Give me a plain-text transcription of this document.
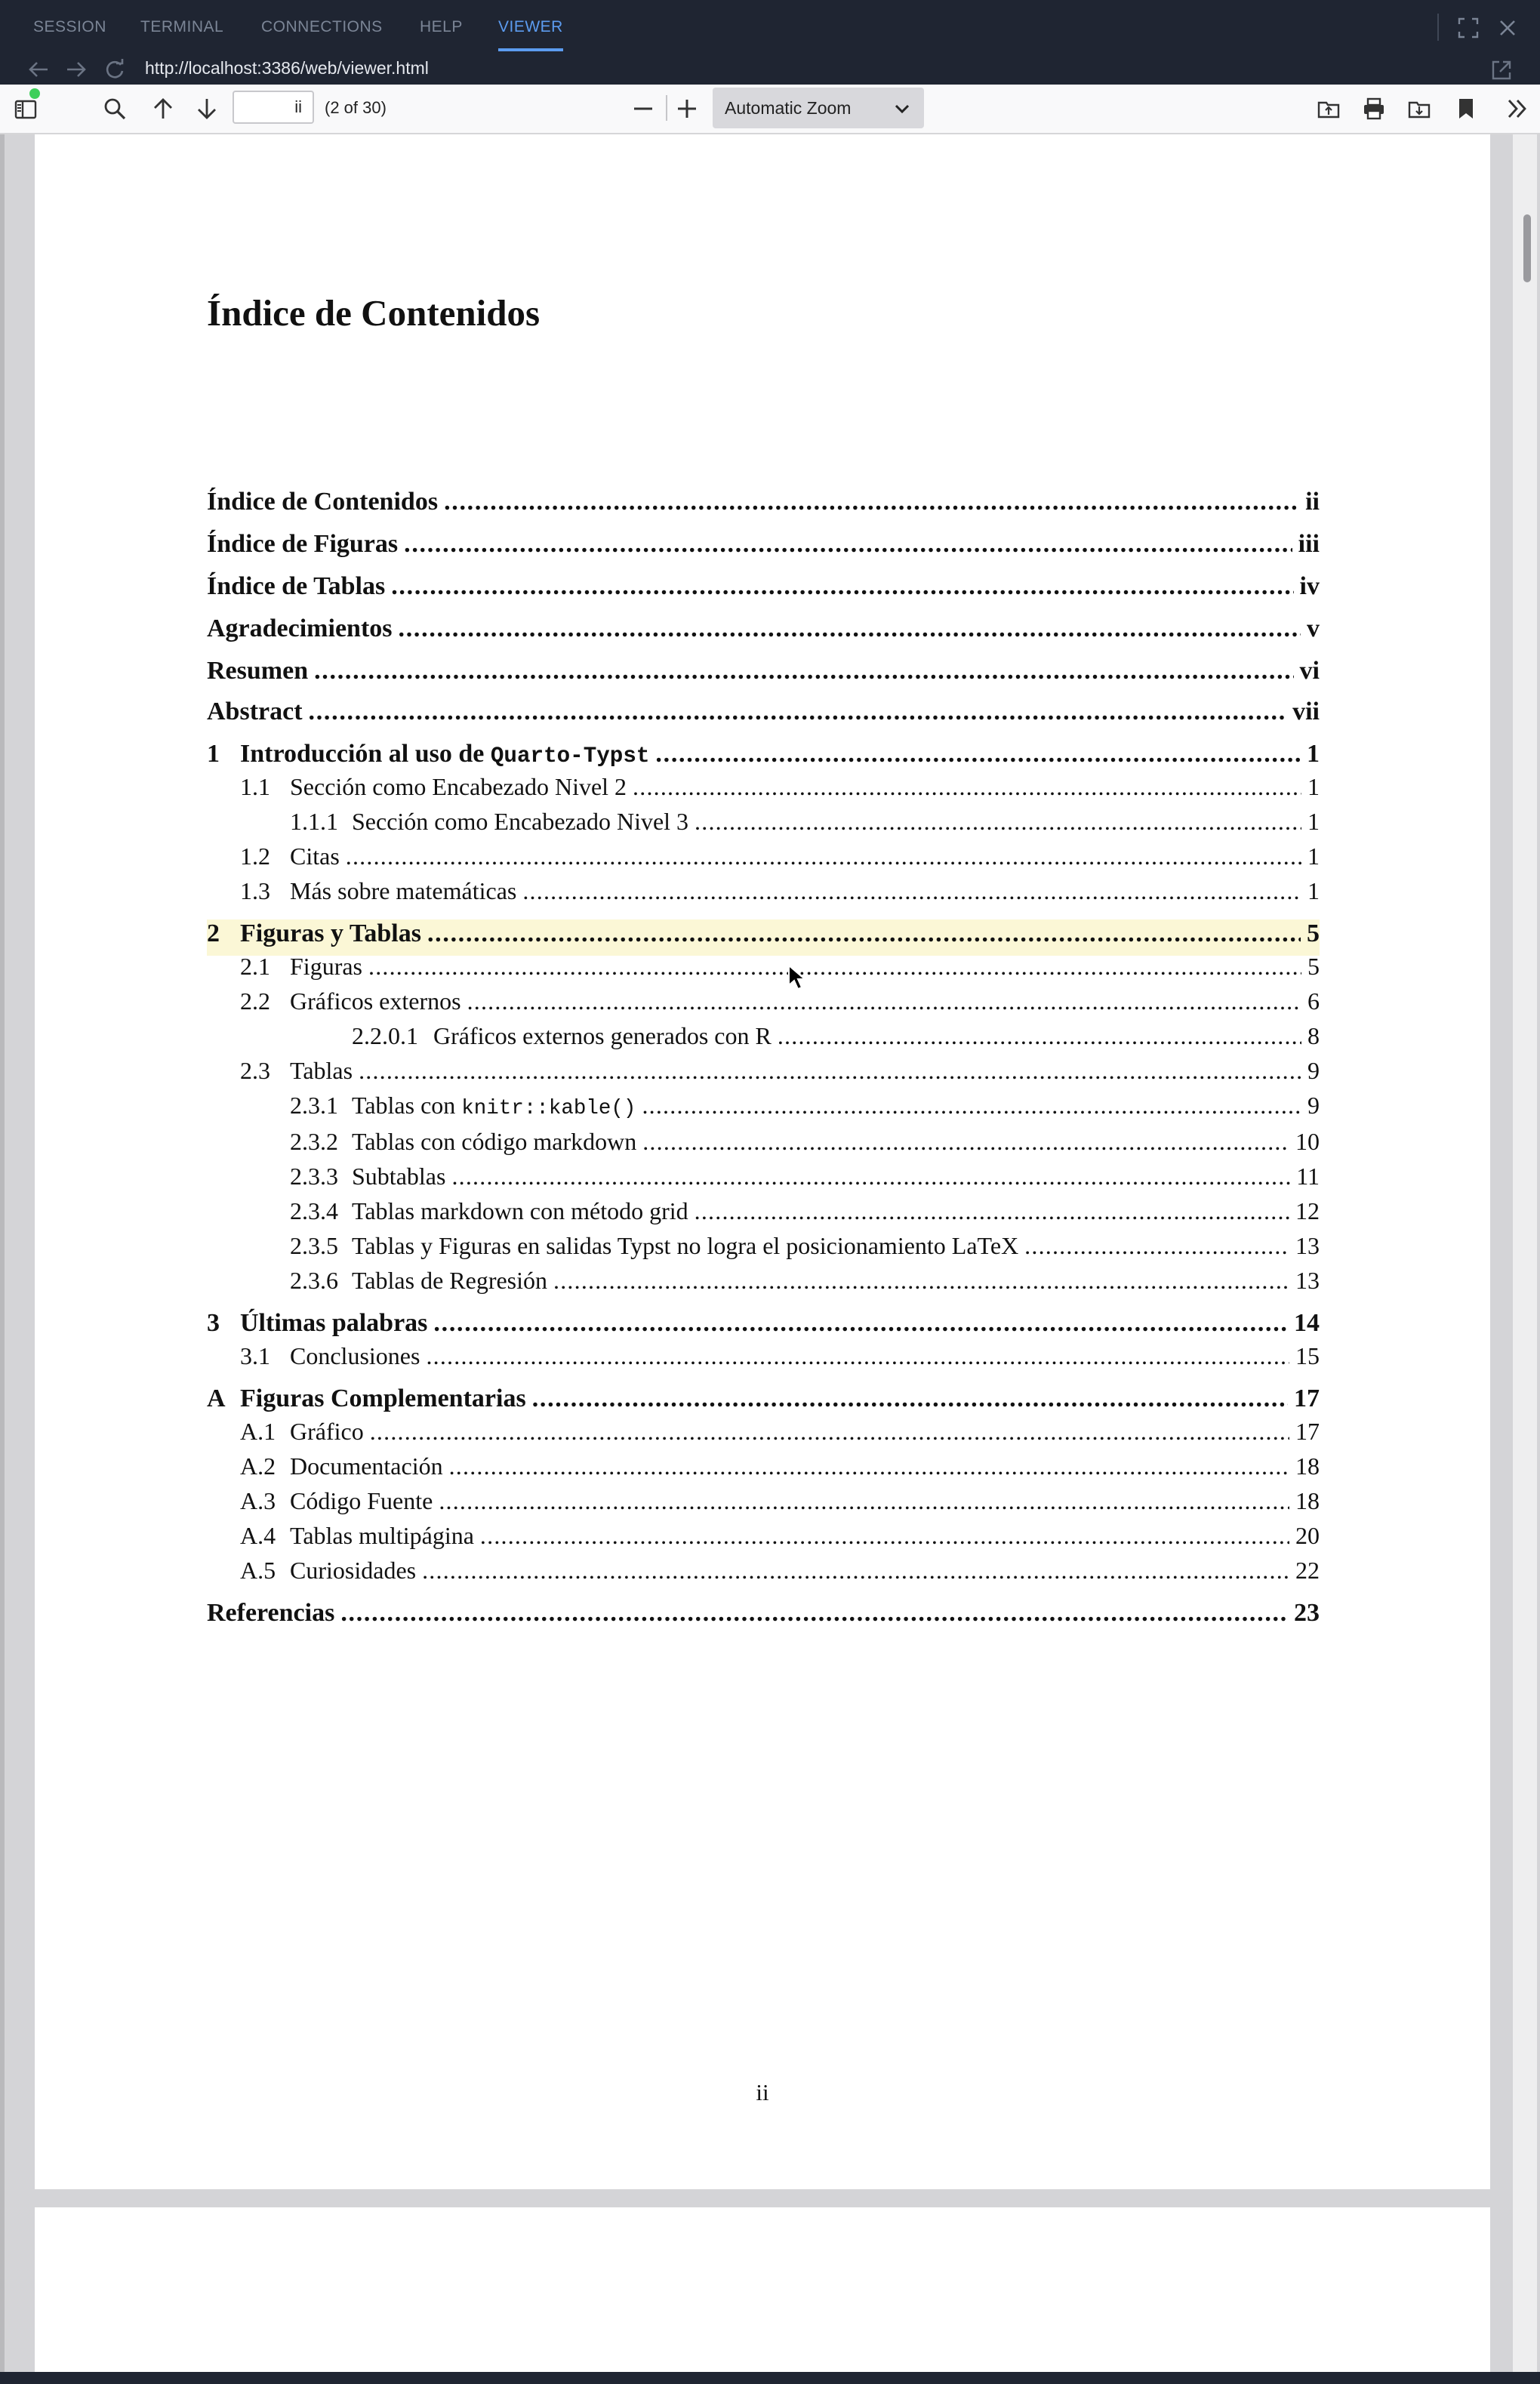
SESSION TERMINAL CONNECTIONS HELP VIEWER
http://localhost:3386/web/viewer.html
ii
(2 of 30)	Automatic Zoom
Índice de Contenidos
Índice de Contenidos . . .	ii
Índice de Figuras . . .	iii
Índice de Tablas . . .	iv
Agradecimientos . . .	v
Resumen . . .	vi
Abstract . . .	vii
1 Introducción al uso de Quarto-Typst . . .	1
1.1 Sección como Encabezado Nivel 2 . . .	1
1.1.1 Sección como Encabezado Nivel 3 . . .	1
1.2 Citas . . .	1
1.3 Más sobre matemáticas . . .	1
2 Figuras y Tablas . . .	5
2.1 Figuras . . .	5
2.2 Gráficos externos . . .	6
2.2.0.1 Gráficos externos generados con R . . .	8
2.3 Tablas . . .	9
2.3.1 Tablas con knitr::kable() . . .	9
2.3.2 Tablas con código markdown . . .	10
2.3.3 Subtablas . . .	11
2.3.4 Tablas markdown con método grid . . .	12
2.3.5 Tablas y Figuras en salidas Typst no logra el posicionamiento LaTeX . . .	13
2.3.6 Tablas de Regresión . . .	13
3 Últimas palabras . . .	14
3.1 Conclusiones . . .	15
A Figuras Complementarias . . .	17
A.1 Gráfico . . .	17
A.2 Documentación . . .	18
A.3 Código Fuente . . .	18
A.4 Tablas multipágina . . .	20
A.5 Curiosidades . . .	22
Referencias . . .	23
ii
